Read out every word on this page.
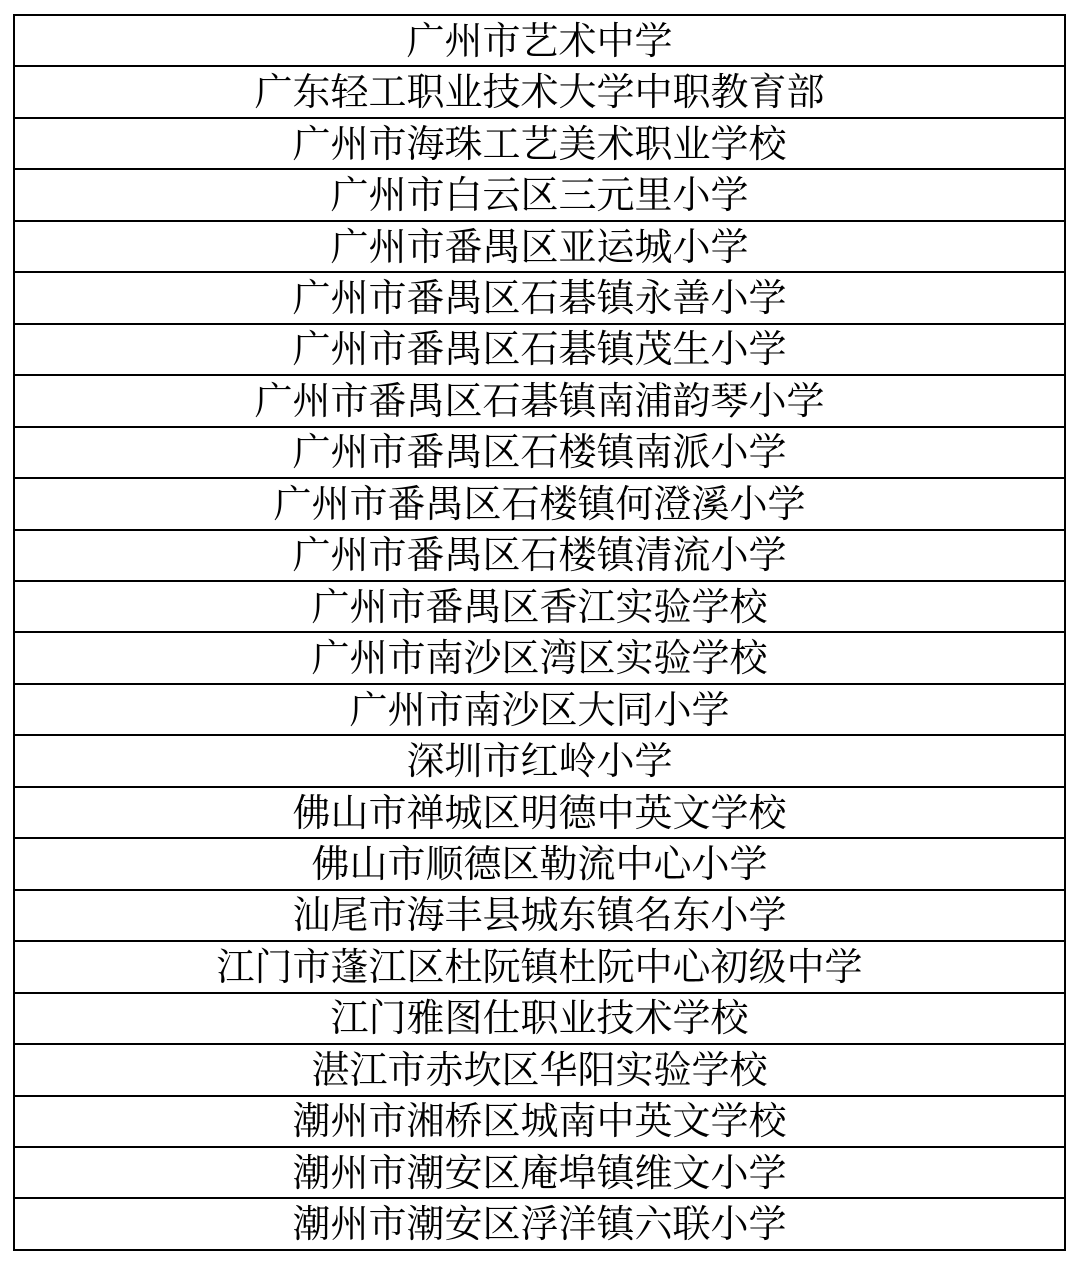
广州市艺术中学
广东轻工职业技术大学中职教育部
广州市海珠工艺美术职业学校
广州市白云区三元里小学
广州市番禺区亚运城小学
广州市番禺区石碁镇永善小学
广州市番禺区石碁镇茂生小学
广州市番禺区石碁镇南浦韵琴小学
广州市番禺区石楼镇南派小学
广州市番禺区石楼镇何澄溪小学
广州市番禺区石楼镇清流小学
广州市番禺区香江实验学校
广州市南沙区湾区实验学校
广州市南沙区大同小学
深圳市红岭小学
佛山市禅城区明德中英文学校
佛山市顺德区勒流中心小学
汕尾市海丰县城东镇名东小学
江门市蓬江区杜阮镇杜阮中心初级中学
江门雅图仕职业技术学校
湛江市赤坎区华阳实验学校
潮州市湘桥区城南中英文学校
潮州市潮安区庵埠镇维文小学
潮州市潮安区浮洋镇六联小学
